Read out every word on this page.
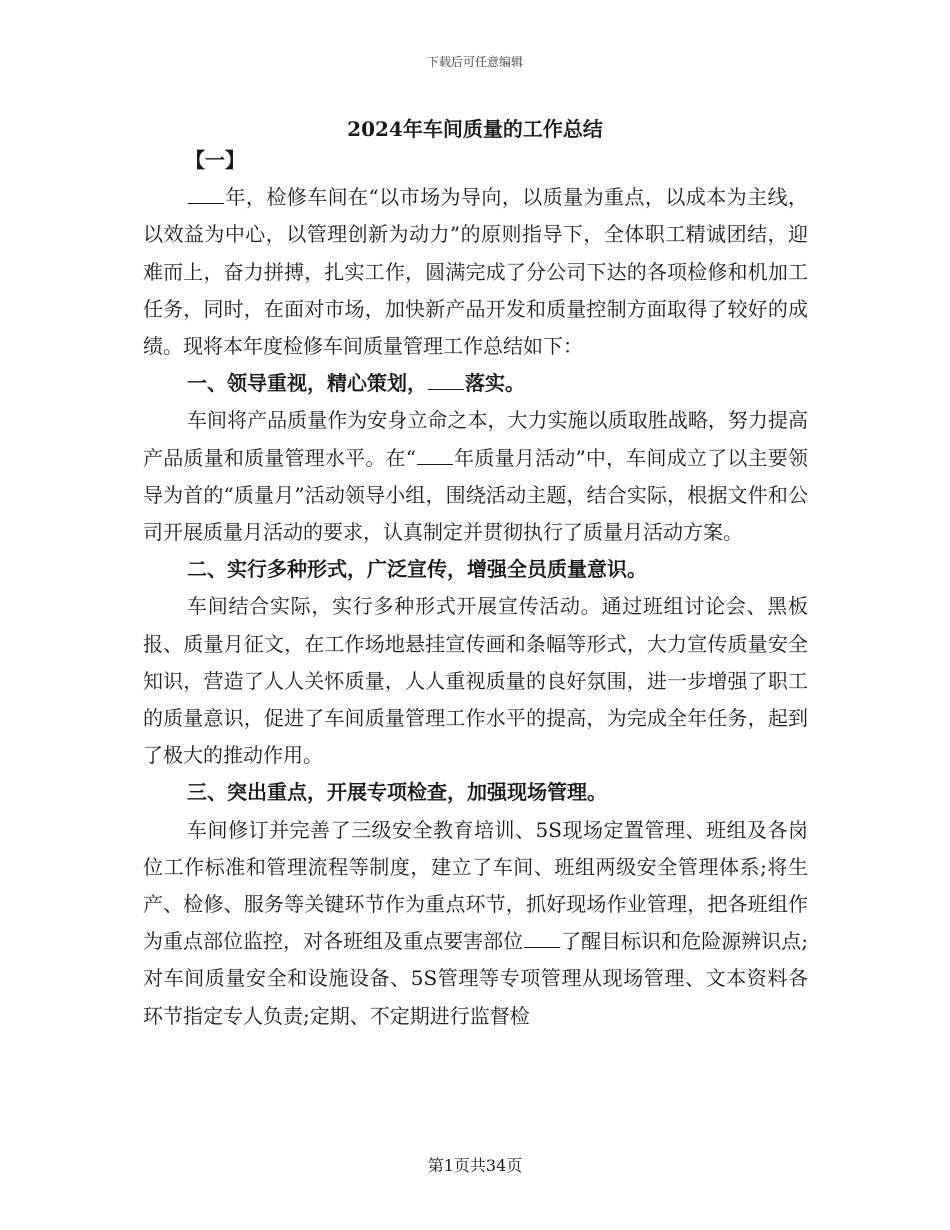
下载后可任意编辑
2024年车间质量的工作总结

【一】

年，检修车间在“以市场为导向，以质量为重点，以成本为主线，以效益为中心，以管理创新为动力”的原则指导下，全体职工精诚团结，迎难而上，奋力拼搏，扎实工作，圆满完成了分公司下达的各项检修和机加工任务，同时，在面对市场，加快新产品开发和质量控制方面取得了较好的成绩。现将本年度检修车间质量管理工作总结如下：

一、领导重视，精心策划， 落实。

车间将产品质量作为安身立命之本，大力实施以质取胜战略，努力提高产品质量和质量管理水平。在“ 年质量月活动”中，车间成立了以主要领导为首的“质量月”活动领导小组，围绕活动主题，结合实际，根据文件和公司开展质量月活动的要求，认真制定并贯彻执行了质量月活动方案。

二、实行多种形式，广泛宣传，增强全员质量意识。

车间结合实际，实行多种形式开展宣传活动。通过班组讨论会、黑板报、质量月征文，在工作场地悬挂宣传画和条幅等形式，大力宣传质量安全知识，营造了人人关怀质量，人人重视质量的良好氛围，进一步增强了职工的质量意识，促进了车间质量管理工作水平的提高，为完成全年任务，起到了极大的推动作用。

三、突出重点，开展专项检查，加强现场管理。

车间修订并完善了三级安全教育培训、5S现场定置管理、班组及各岗位工作标准和管理流程等制度，建立了车间、班组两级安全管理体系;将生产、检修、服务等关键环节作为重点环节，抓好现场作业管理，把各班组作为重点部位监控，对各班组及重点要害部位 了醒目标识和危险源辨识点;对车间质量安全和设施设备、5S管理等专项管理从现场管理、文本资料各环节指定专人负责;定期、不定期进行监督检

第1页共34页
